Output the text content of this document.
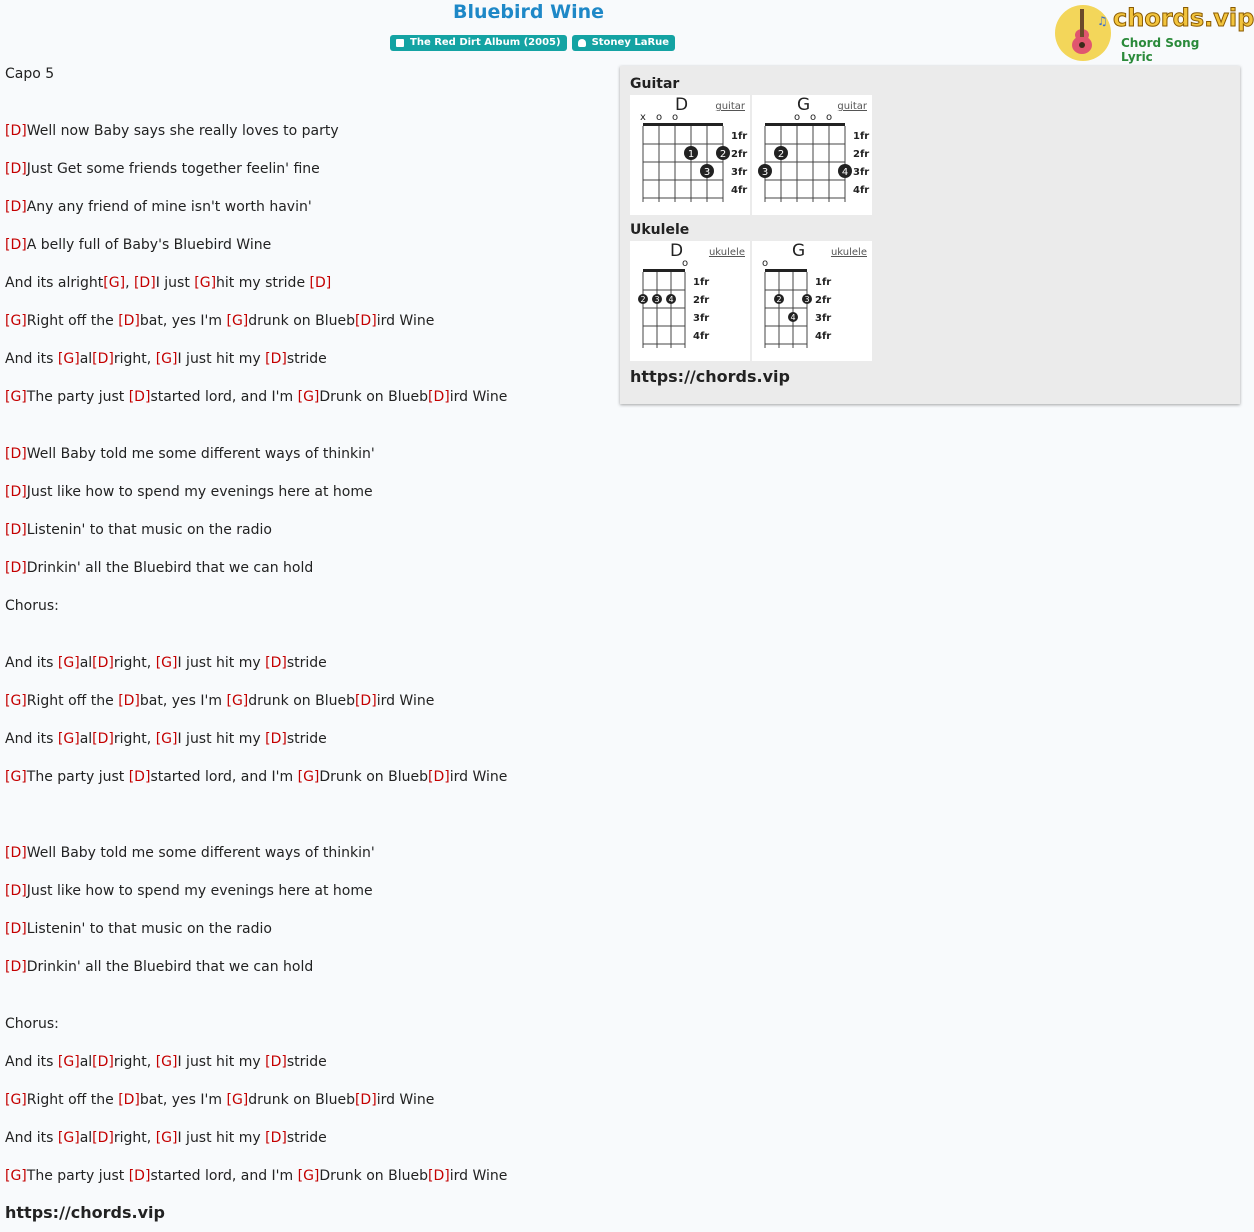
Bluebird Wine
The Red Dirt Album (2005)	Stoney LaRue
♫ chords.vip
Chord Song Lyric
Capo 5
[D]Well now Baby says she really loves to party
[D]Just Get some friends together feelin' fine
[D]Any any friend of mine isn't worth havin'
[D]A belly full of Baby's Bluebird Wine
And its alright[G], [D]I just [G]hit my stride [D]
[G]Right off the [D]bat, yes I'm [G]drunk on Blueb[D]ird Wine
And its [G]al[D]right, [G]I just hit my [D]stride
[G]The party just [D]started lord, and I'm [G]Drunk on Blueb[D]ird Wine
[D]Well Baby told me some different ways of thinkin'
[D]Just like how to spend my evenings here at home
[D]Listenin' to that music on the radio
[D]Drinkin' all the Bluebird that we can hold
Chorus:
And its [G]al[D]right, [G]I just hit my [D]stride
[G]Right off the [D]bat, yes I'm [G]drunk on Blueb[D]ird Wine
And its [G]al[D]right, [G]I just hit my [D]stride
[G]The party just [D]started lord, and I'm [G]Drunk on Blueb[D]ird Wine
[D]Well Baby told me some different ways of thinkin'
[D]Just like how to spend my evenings here at home
[D]Listenin' to that music on the radio
[D]Drinkin' all the Bluebird that we can hold
Chorus:
And its [G]al[D]right, [G]I just hit my [D]stride
[G]Right off the [D]bat, yes I'm [G]drunk on Blueb[D]ird Wine
And its [G]al[D]right, [G]I just hit my [D]stride
[G]The party just [D]started lord, and I'm [G]Drunk on Blueb[D]ird Wine
https://chords.vip
Guitar
D	guitar
x o o
1fr
2fr
3fr
4fr
1	2
3
G	guitar
o o o
1fr
2fr
3fr
4fr
2
3	4
Ukulele
D	ukulele
o
1fr
2fr
3fr
4fr
2 3 4
G	ukulele
o
1fr
2fr
3fr
4fr
2	3
4
https://chords.vip
